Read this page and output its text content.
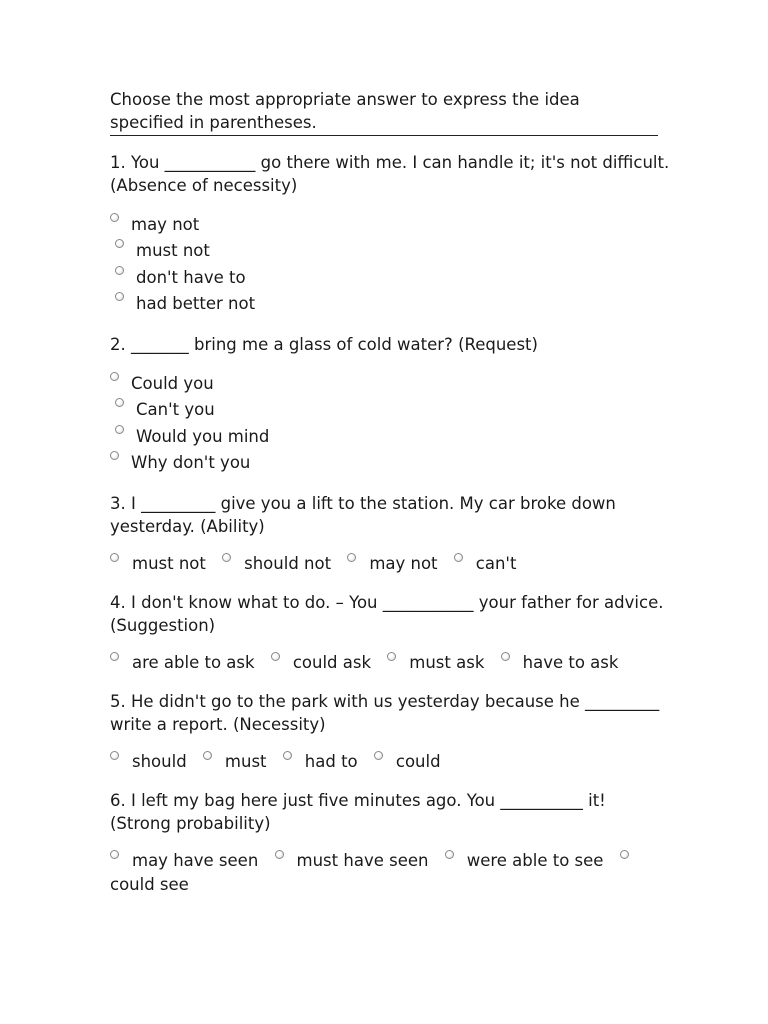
Choose the most appropriate answer to express the idea specified in parentheses.
1. You ___________ go there with me. I can handle it; it's not difficult. (Absence of necessity)
may not
must not
don't have to
had better not
2. _______ bring me a glass of cold water? (Request)
Could you
Can't you
Would you mind
Why don't you
3. I _________ give you a lift to the station. My car broke down yesterday. (Ability)
must not should not may not can't
4. I don't know what to do. – You ___________ your father for advice. (Suggestion)
are able to ask could ask must ask have to ask
5. He didn't go to the park with us yesterday because he _________ write a report. (Necessity)
should must had to could
6. I left my bag here just five minutes ago. You __________ it! (Strong probability)
may have seen must have seen were able to see could see
